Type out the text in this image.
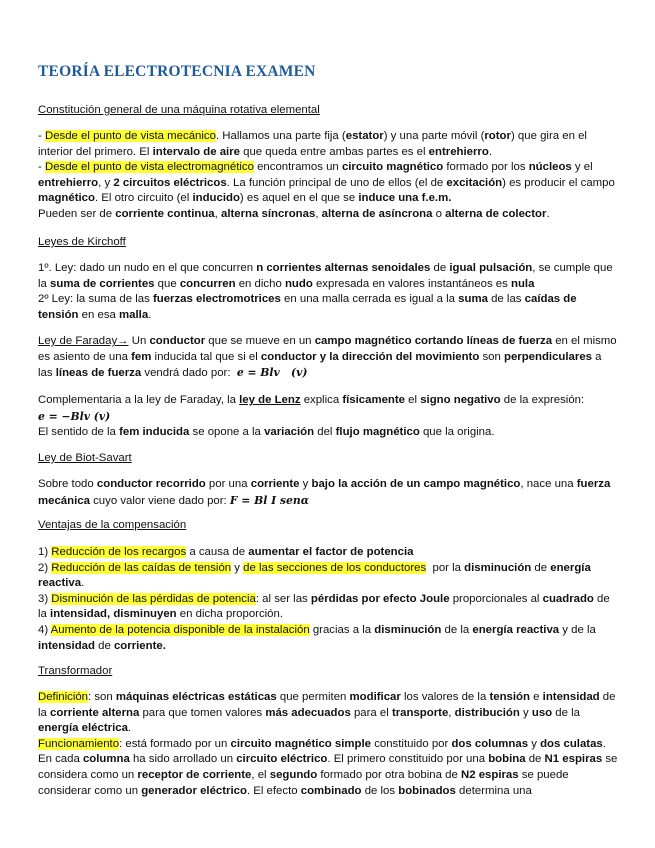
TEORÍA ELECTROTECNIA EXAMEN

Constitución general de una máquina rotativa elemental

- Desde el punto de vista mecánico. Hallamos una parte fija (estator) y una parte móvil (rotor) que gira en el interior del primero. El intervalo de aire que queda entre ambas partes es el entrehierro.

- Desde el punto de vista electromagnético encontramos un circuito magnético formado por los núcleos y el entrehierro, y 2 circuitos eléctricos. La función principal de uno de ellos (el de excitación) es producir el campo magnético. El otro circuito (el inducido) es aquel en el que se induce una f.e.m.

Pueden ser de corriente continua, alterna síncronas, alterna de asíncrona o alterna de colector.

Leyes de Kirchoff

1º. Ley: dado un nudo en el que concurren n corrientes alternas senoidales de igual pulsación, se cumple que la suma de corrientes que concurren en dicho nudo expresada en valores instantáneos es nula

2º Ley: la suma de las fuerzas electromotrices en una malla cerrada es igual a la suma de las caídas de tensión en esa malla.

Ley de Faraday→ Un conductor que se mueve en un campo magnético cortando líneas de fuerza en el mismo es asiento de una fem inducida tal que si el conductor y la dirección del movimiento son perpendiculares a las líneas de fuerza vendrá dado por:  e = Blv   (v)

Complementaria a la ley de Faraday, la ley de Lenz explica físicamente el signo negativo de la expresión:

e = −Blv (v)

El sentido de la fem inducida se opone a la variación del flujo magnético que la origina.

Ley de Biot-Savart

Sobre todo conductor recorrido por una corriente y bajo la acción de un campo magnético, nace una fuerza mecánica cuyo valor viene dado por: F = Bl I senα

Ventajas de la compensación

1) Reducción de los recargos a causa de aumentar el factor de potencia

2) Reducción de las caídas de tensión y de las secciones de los conductores  por la disminución de energía reactiva.

3) Disminución de las pérdidas de potencia: al ser las pérdidas por efecto Joule proporcionales al cuadrado de la intensidad, disminuyen en dicha proporción.

4) Aumento de la potencia disponible de la instalación gracias a la disminución de la energía reactiva y de la intensidad de corriente.

Transformador

Definición: son máquinas eléctricas estáticas que permiten modificar los valores de la tensión e intensidad de la corriente alterna para que tomen valores más adecuados para el transporte, distribución y uso de la energía eléctrica.

Funcionamiento: está formado por un circuito magnético simple constituido por dos columnas y dos culatas. En cada columna ha sido arrollado un circuito eléctrico. El primero constituido por una bobina de N1 espiras se considera como un receptor de corriente, el segundo formado por otra bobina de N2 espiras se puede considerar como un generador eléctrico. El efecto combinado de los bobinados determina una
